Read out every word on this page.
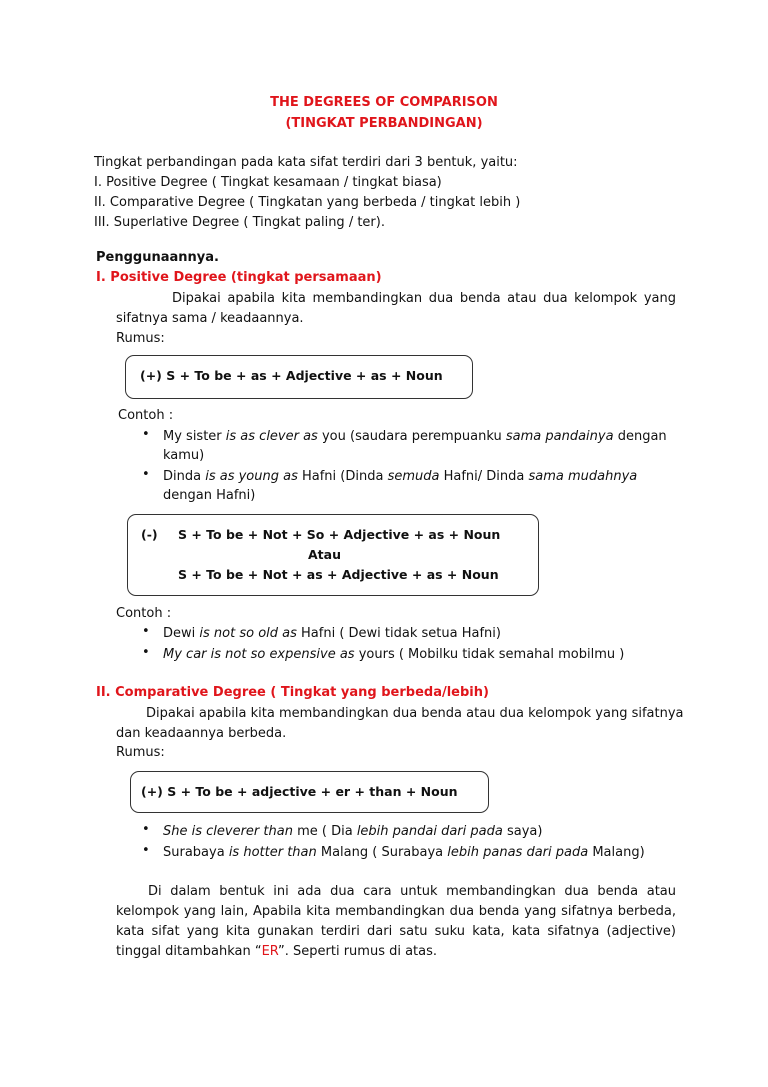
THE DEGREES OF COMPARISON
(TINGKAT PERBANDINGAN)
Tingkat perbandingan pada kata sifat terdiri dari 3 bentuk, yaitu:
I. Positive Degree ( Tingkat kesamaan / tingkat biasa)
II. Comparative Degree ( Tingkatan yang berbeda / tingkat lebih )
III. Superlative Degree ( Tingkat paling / ter).
Penggunaannya.
I. Positive Degree (tingkat persamaan)
Dipakai apabila kita membandingkan dua benda atau dua kelompok yang
sifatnya sama / keadaannya.
Rumus:
(+) S + To be + as + Adjective + as + Noun
Contoh :
• My sister is as clever as you (saudara perempuanku sama pandainya dengan
kamu)
• Dinda is as young as Hafni (Dinda semuda Hafni/ Dinda sama mudahnya
dengan Hafni)
(-) S + To be + Not + So + Adjective + as + Noun
Atau
S + To be + Not + as + Adjective + as + Noun
Contoh :
• Dewi is not so old as Hafni ( Dewi tidak setua Hafni)
• My car is not so expensive as yours ( Mobilku tidak semahal mobilmu )
II. Comparative Degree ( Tingkat yang berbeda/lebih)
Dipakai apabila kita membandingkan dua benda atau dua kelompok yang sifatnya
dan keadaannya berbeda.
Rumus:
(+) S + To be + adjective + er + than + Noun
• She is cleverer than me ( Dia lebih pandai dari pada saya)
• Surabaya is hotter than Malang ( Surabaya lebih panas dari pada Malang)
Di dalam bentuk ini ada dua cara untuk membandingkan dua benda atau
kelompok yang lain, Apabila kita membandingkan dua benda yang sifatnya berbeda,
kata sifat yang kita gunakan terdiri dari satu suku kata, kata sifatnya (adjective)
tinggal ditambahkan “ER”. Seperti rumus di atas.
